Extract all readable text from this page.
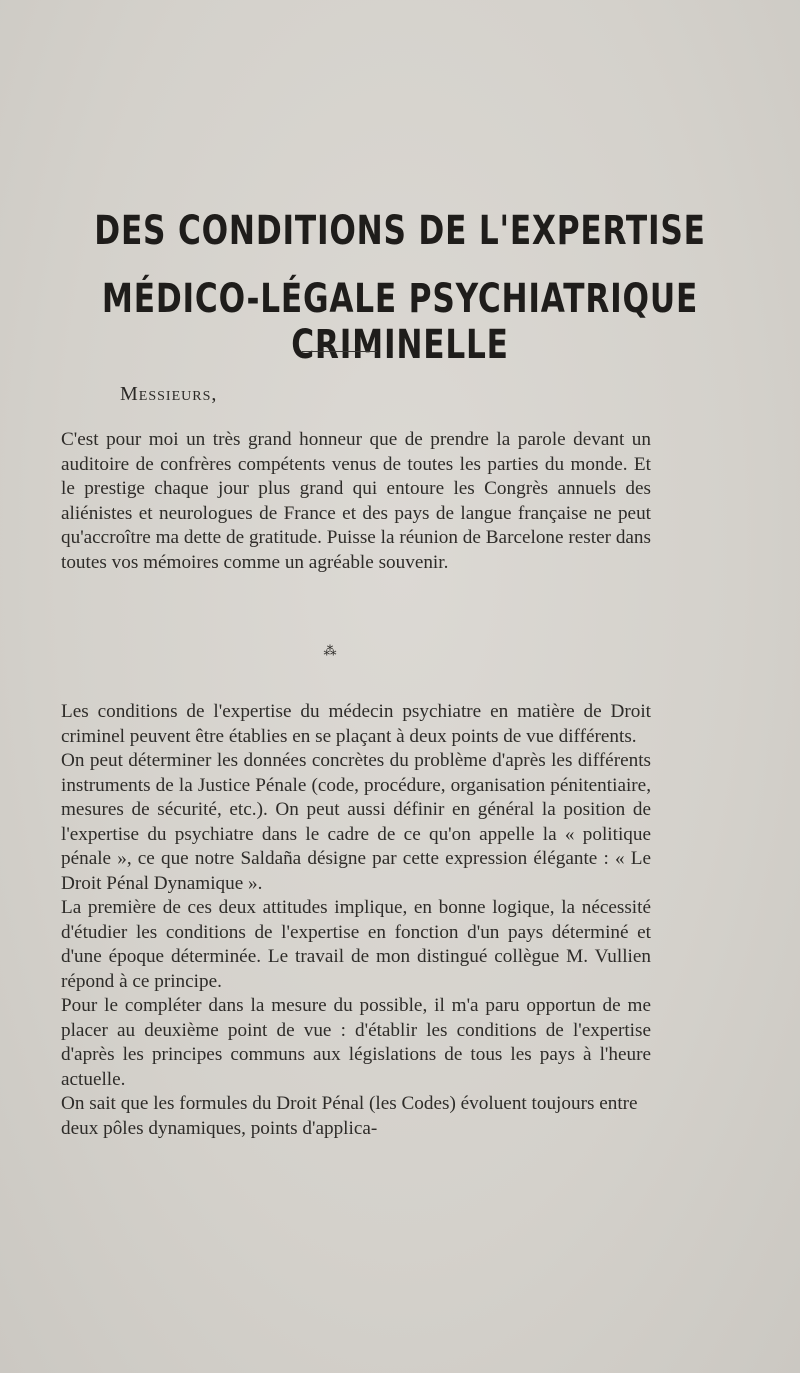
DES CONDITIONS DE L'EXPERTISE
MÉDICO-LÉGALE PSYCHIATRIQUE CRIMINELLE
Messieurs,

C'est pour moi un très grand honneur que de prendre la parole devant un auditoire de confrères compétents venus de toutes les parties du monde. Et le prestige chaque jour plus grand qui entoure les Congrès annuels des aliénistes et neurologues de France et des pays de langue française ne peut qu'accroître ma dette de gratitude. Puisse la réunion de Barcelone rester dans toutes vos mémoires comme un agréable souvenir.

⁂

Les conditions de l'expertise du médecin psychiatre en matière de Droit criminel peuvent être établies en se plaçant à deux points de vue différents.

On peut déterminer les données concrètes du problème d'après les différents instruments de la Justice Pénale (code, procédure, organisation pénitentiaire, mesures de sécurité, etc.). On peut aussi définir en général la position de l'expertise du psychiatre dans le cadre de ce qu'on appelle la « politique pénale », ce que notre Saldaña désigne par cette expression élégante : « Le Droit Pénal Dynamique ».

La première de ces deux attitudes implique, en bonne logique, la nécessité d'étudier les conditions de l'expertise en fonction d'un pays déterminé et d'une époque déterminée. Le travail de mon distingué collègue M. Vullien répond à ce principe.

Pour le compléter dans la mesure du possible, il m'a paru opportun de me placer au deuxième point de vue : d'établir les conditions de l'expertise d'après les principes communs aux législations de tous les pays à l'heure actuelle.

On sait que les formules du Droit Pénal (les Codes) évoluent toujours entre deux pôles dynamiques, points d'applica-
